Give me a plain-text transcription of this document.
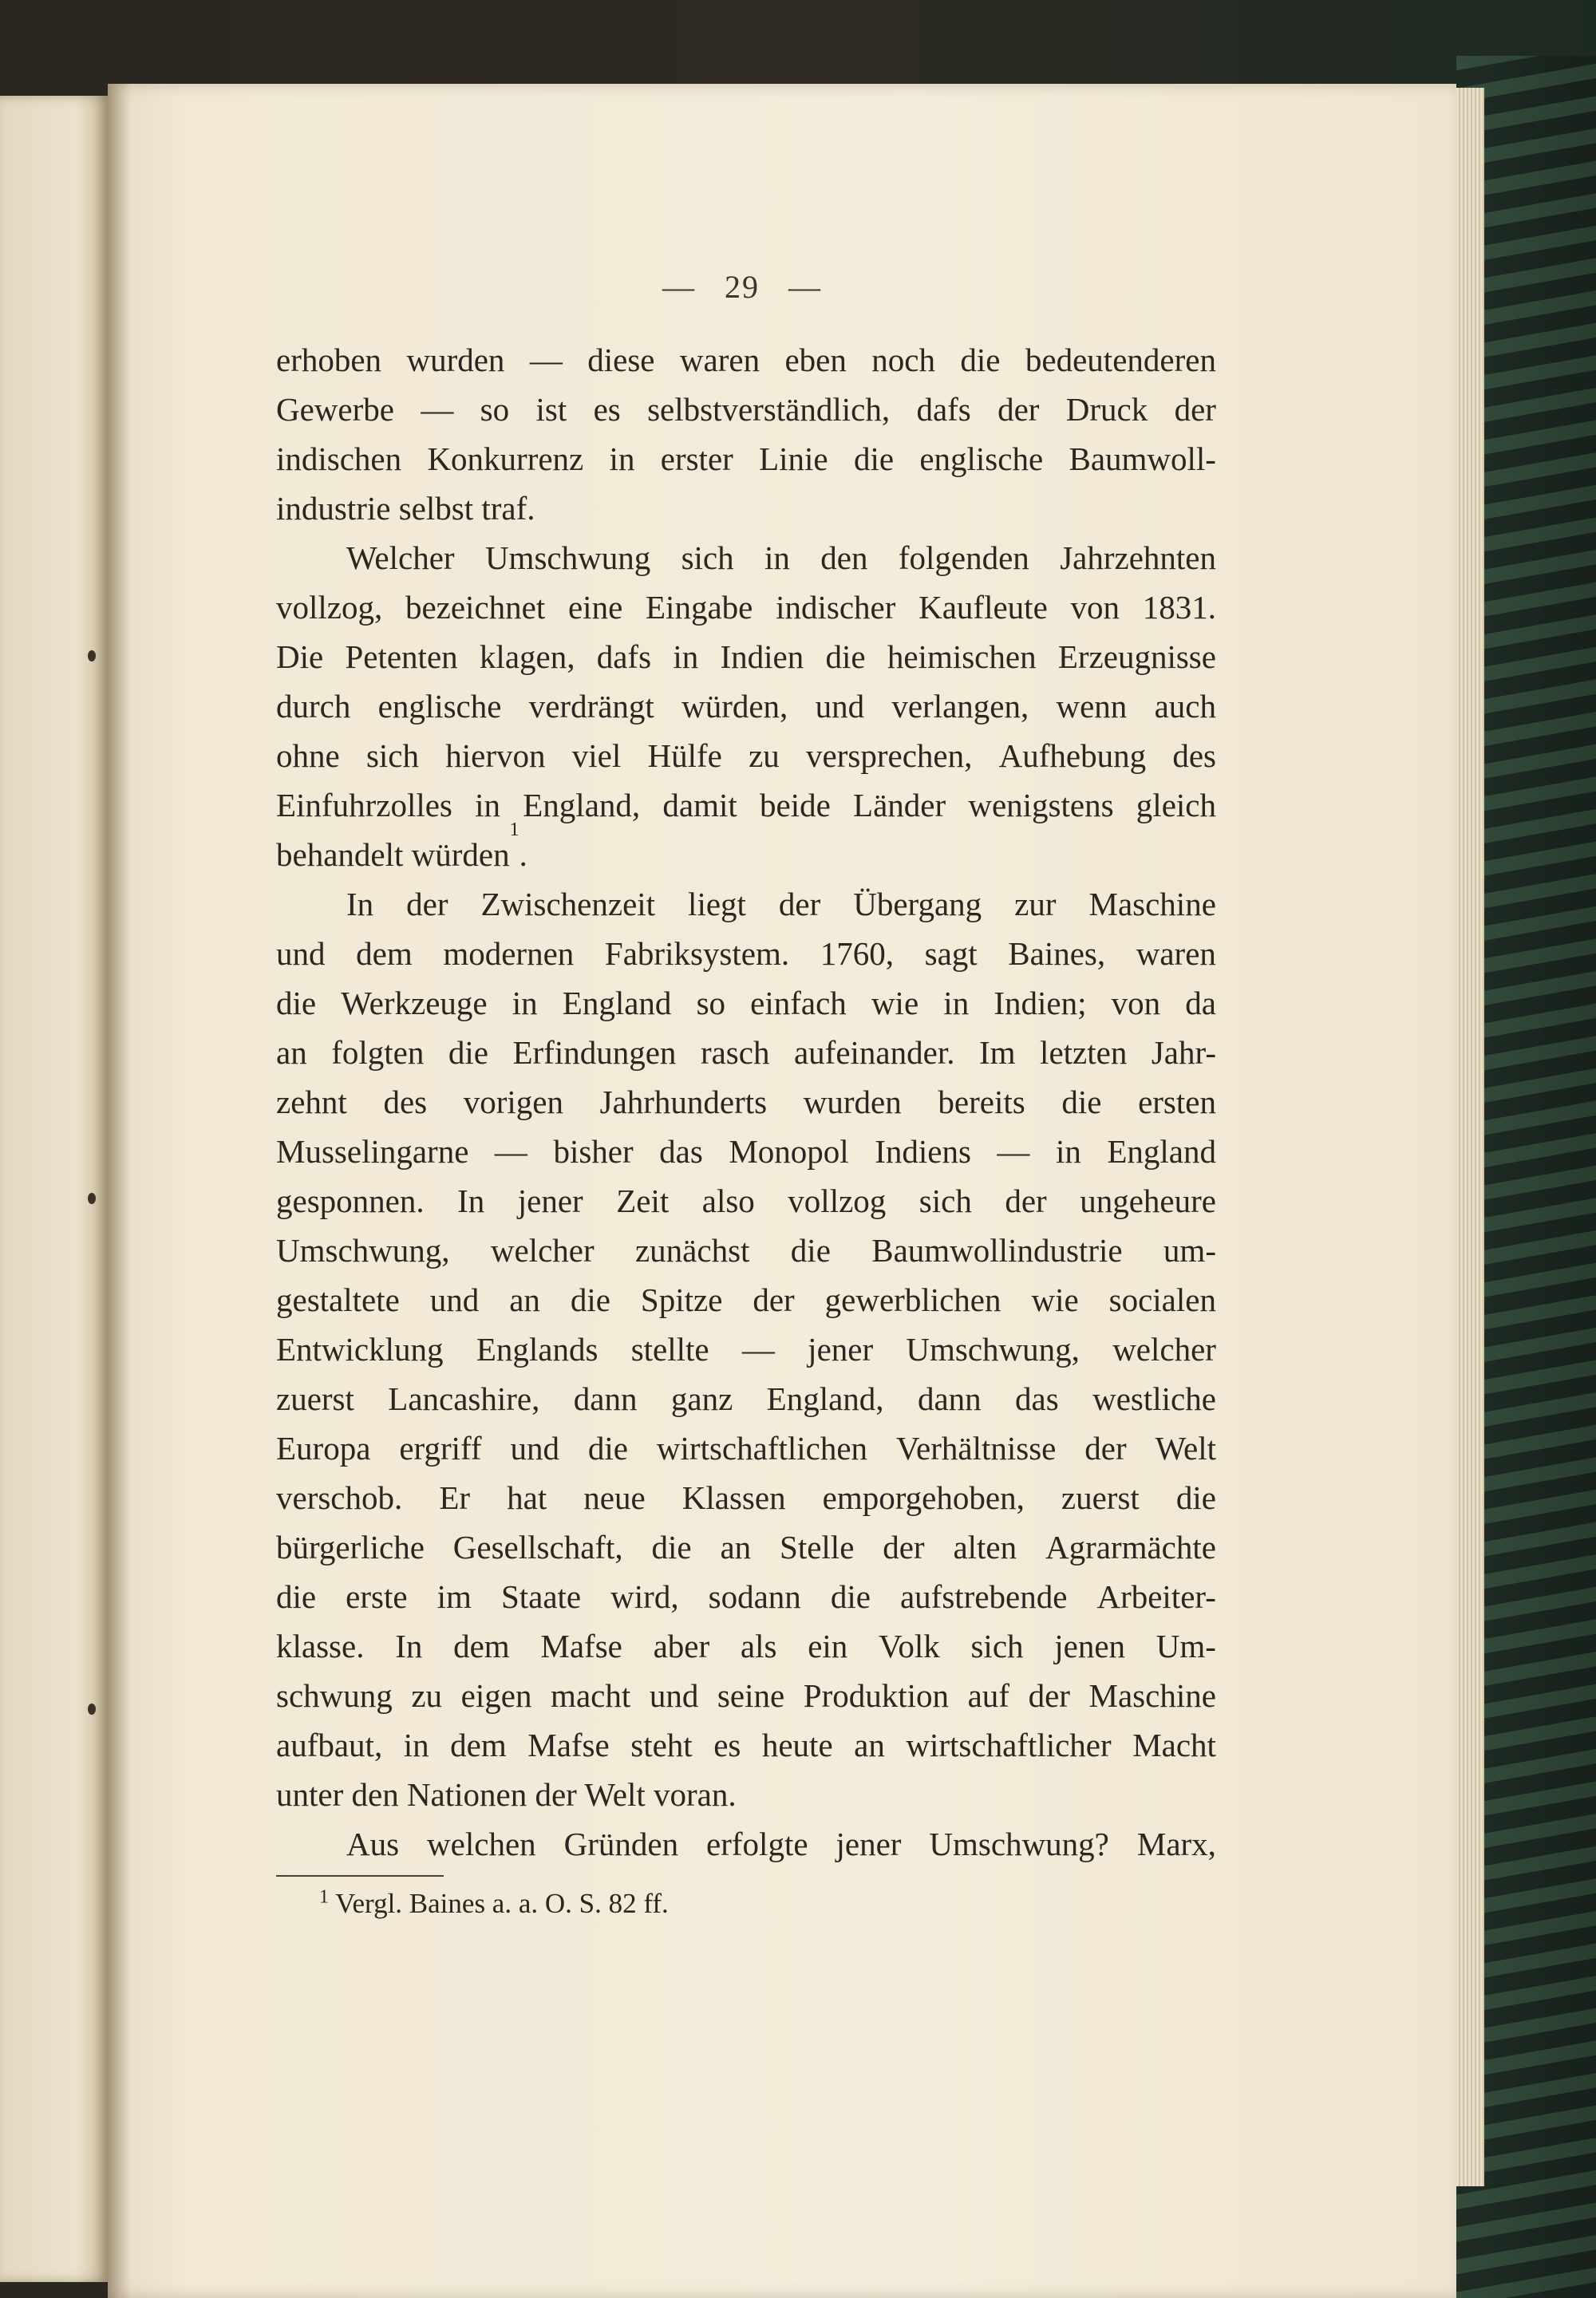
— 29 —
erhoben wurden — diese waren eben noch die bedeutenderen
Gewerbe — so ist es selbstverständlich, dafs der Druck der
indischen Konkurrenz in erster Linie die englische Baumwoll-
industrie selbst traf.
Welcher Umschwung sich in den folgenden Jahrzehnten
vollzog, bezeichnet eine Eingabe indischer Kaufleute von 1831.
Die Petenten klagen, dafs in Indien die heimischen Erzeugnisse
durch englische verdrängt würden, und verlangen, wenn auch
ohne sich hiervon viel Hülfe zu versprechen, Aufhebung des
Einfuhrzolles in England, damit beide Länder wenigstens gleich
behandelt würden
1
.
In der Zwischenzeit liegt der Übergang zur Maschine
und dem modernen Fabriksystem. 1760, sagt Baines, waren
die Werkzeuge in England so einfach wie in Indien; von da
an folgten die Erfindungen rasch aufeinander. Im letzten Jahr-
zehnt des vorigen Jahrhunderts wurden bereits die ersten
Musselingarne — bisher das Monopol Indiens — in England
gesponnen. In jener Zeit also vollzog sich der ungeheure
Umschwung, welcher zunächst die Baumwollindustrie um-
gestaltete und an die Spitze der gewerblichen wie socialen
Entwicklung Englands stellte — jener Umschwung, welcher
zuerst Lancashire, dann ganz England, dann das westliche
Europa ergriff und die wirtschaftlichen Verhältnisse der Welt
verschob. Er hat neue Klassen emporgehoben, zuerst die
bürgerliche Gesellschaft, die an Stelle der alten Agrarmächte
die erste im Staate wird, sodann die aufstrebende Arbeiter-
klasse. In dem Mafse aber als ein Volk sich jenen Um-
schwung zu eigen macht und seine Produktion auf der Maschine
aufbaut, in dem Mafse steht es heute an wirtschaftlicher Macht
unter den Nationen der Welt voran.
Aus welchen Gründen erfolgte jener Umschwung? Marx,
$^1$ Vergl. Baines a. a. O. S. 82 ff.
